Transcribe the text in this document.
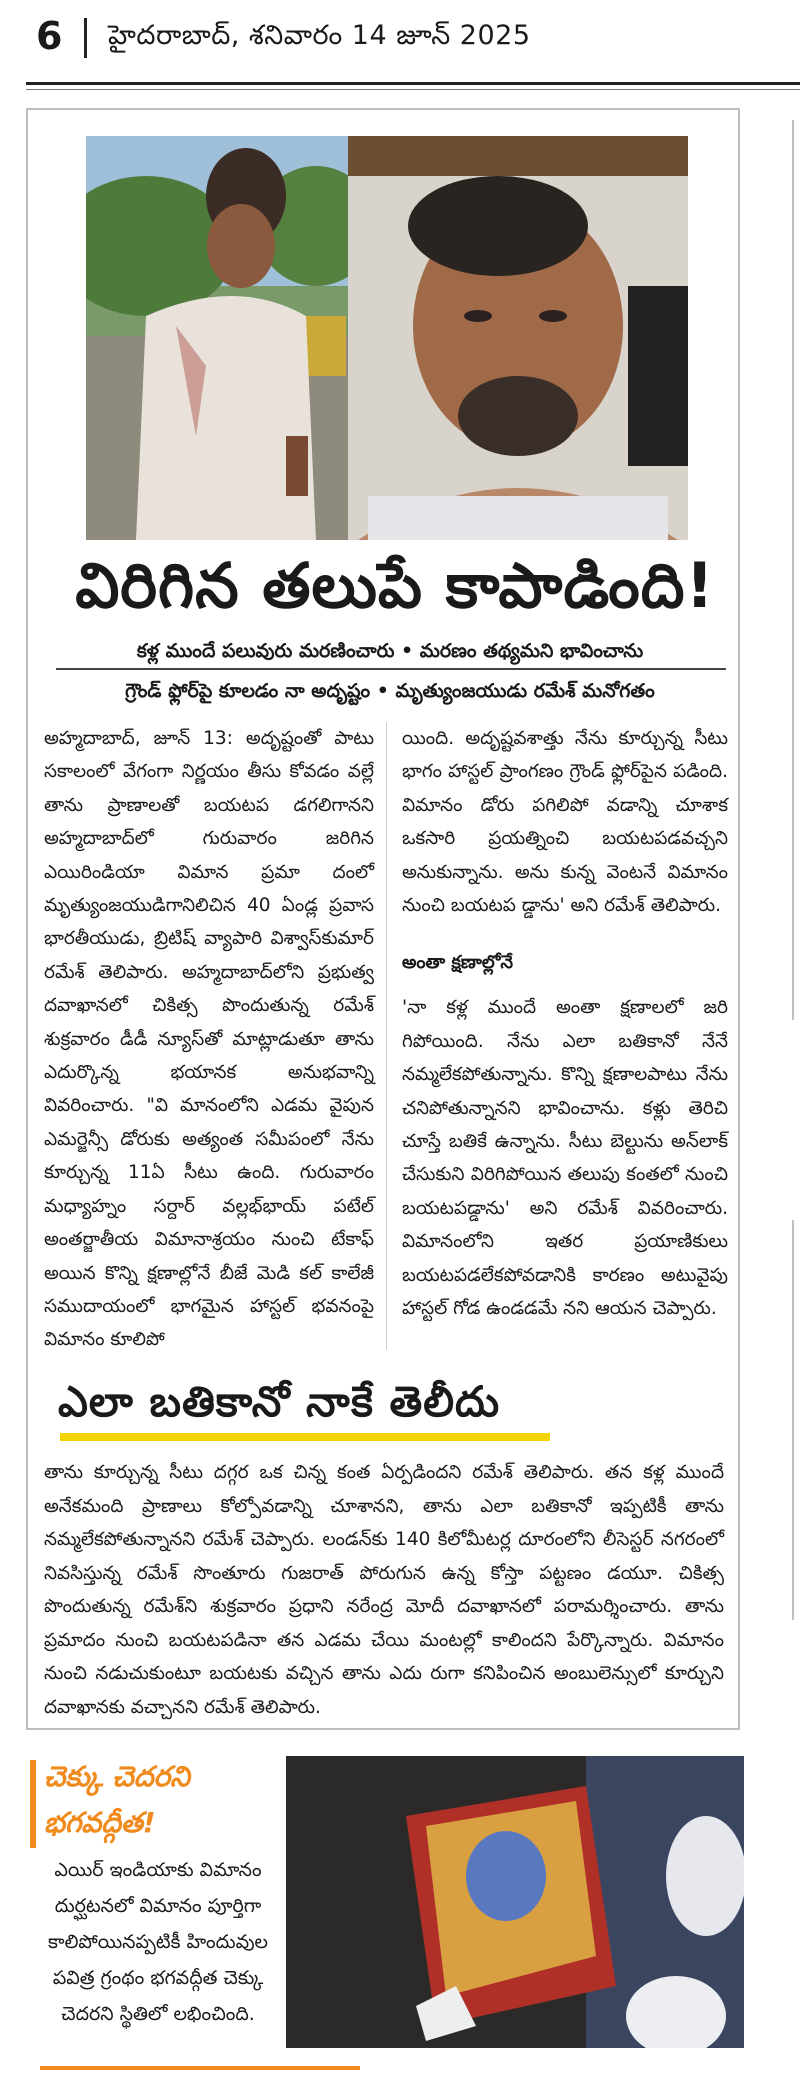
6 హైదరాబాద్, శనివారం 14 జూన్ 2025
విరిగిన తలుపే కాపాడింది!
కళ్ల ముందే పలువురు మరణించారు • మరణం తథ్యమని భావించాను
గ్రౌండ్ ఫ్లోర్‌పై కూలడం నా అదృష్టం • మృత్యుంజయుడు రమేశ్ మనోగతం
అహ్మదాబాద్, జూన్ 13: అదృష్టంతో పాటు సకాలంలో వేగంగా నిర్ణయం తీసు కోవడం వల్లే తాను ప్రాణాలతో బయటప డగలిగానని అహ్మదాబాద్‌లో గురువారం జరిగిన ఎయిరిండియా విమాన ప్రమా దంలో మృత్యుంజయుడిగానిలిచిన 40 ఏండ్ల ప్రవాస భారతీయుడు, బ్రిటిష్ వ్యాపారి విశ్వాస్‌కుమార్ రమేశ్ తెలిపారు. అహ్మదాబాద్‌లోని ప్రభుత్వ దవాఖానలో చికిత్స పొందుతున్న రమేశ్ శుక్రవారం డీడీ న్యూస్‌తో మాట్లాడుతూ తాను ఎదుర్కొన్న భయానక అనుభవాన్ని వివరించారు. "వి మానంలోని ఎడమ వైపున ఎమర్జెన్సీ డోరుకు అత్యంత సమీపంలో నేను కూర్చున్న 11ఏ సీటు ఉంది. గురువారం మధ్యాహ్నం సర్దార్ వల్లభ్‌భాయ్ పటేల్ అంతర్జాతీయ విమానాశ్రయం నుంచి టేకాఫ్ అయిన కొన్ని క్షణాల్లోనే బీజే మెడి కల్ కాలేజీ సముదాయంలో భాగమైన హాస్టల్ భవనంపై విమానం కూలిపో
యింది. అదృష్టవశాత్తు నేను కూర్చున్న సీటు భాగం హాస్టల్ ప్రాంగణం గ్రౌండ్ ఫ్లోర్‌పైన పడింది. విమానం డోరు పగిలిపో వడాన్ని చూశాక ఒకసారి ప్రయత్నించి బయటపడవచ్చని అనుకున్నాను. అను కున్న వెంటనే విమానం నుంచి బయటప డ్డాను' అని రమేశ్ తెలిపారు.
అంతా క్షణాల్లోనే
'నా కళ్ల ముందే అంతా క్షణాలలో జరి గిపోయింది. నేను ఎలా బతికానో నేనే నమ్మలేకపోతున్నాను. కొన్ని క్షణాలపాటు నేను చనిపోతున్నానని భావించాను. కళ్లు తెరిచి చూస్తే బతికే ఉన్నాను. సీటు బెల్టును అన్‌లాక్ చేసుకుని విరిగిపోయిన తలుపు కంతలో నుంచి బయటపడ్డాను' అని రమేశ్ వివరించారు. విమానంలోని ఇతర ప్రయాణికులు బయటపడలేకపోవడానికి కారణం అటువైపు హాస్టల్ గోడ ఉండడమే నని ఆయన చెప్పారు.
ఎలా బతికానో నాకే తెలీదు
తాను కూర్చున్న సీటు దగ్గర ఒక చిన్న కంత ఏర్పడిందని రమేశ్ తెలిపారు. తన కళ్ల ముందే అనేకమంది ప్రాణాలు కోల్పోవడాన్ని చూశానని, తాను ఎలా బతికానో ఇప్పటికీ తాను నమ్మలేకపోతున్నానని రమేశ్ చెప్పారు. లండన్‌కు 140 కిలోమీటర్ల దూరంలోని లీసెస్టర్ నగరంలో నివసిస్తున్న రమేశ్ సొంతూరు గుజరాత్ పోరుగున ఉన్న కోస్తా పట్టణం డయూ. చికిత్స పొందుతున్న రమేశ్‌ని శుక్రవారం ప్రధాని నరేంద్ర మోదీ దవాఖానలో పరామర్శించారు. తాను ప్రమాదం నుంచి బయటపడినా తన ఎడమ చేయి మంటల్లో కాలిందని పేర్కొన్నారు. విమానం నుంచి నడుచుకుంటూ బయటకు వచ్చిన తాను ఎదు రుగా కనిపించిన అంబులెన్సులో కూర్చుని దవాఖానకు వచ్చానని రమేశ్ తెలిపారు.
చెక్కు చెదరని భగవద్గీత!
ఎయిర్ ఇండియాకు విమానం దుర్ఘటనలో విమానం పూర్తిగా కాలిపోయినప్పటికీ హిందువుల పవిత్ర గ్రంథం భగవద్గీత చెక్కు చెదరని స్థితిలో లభించింది.
